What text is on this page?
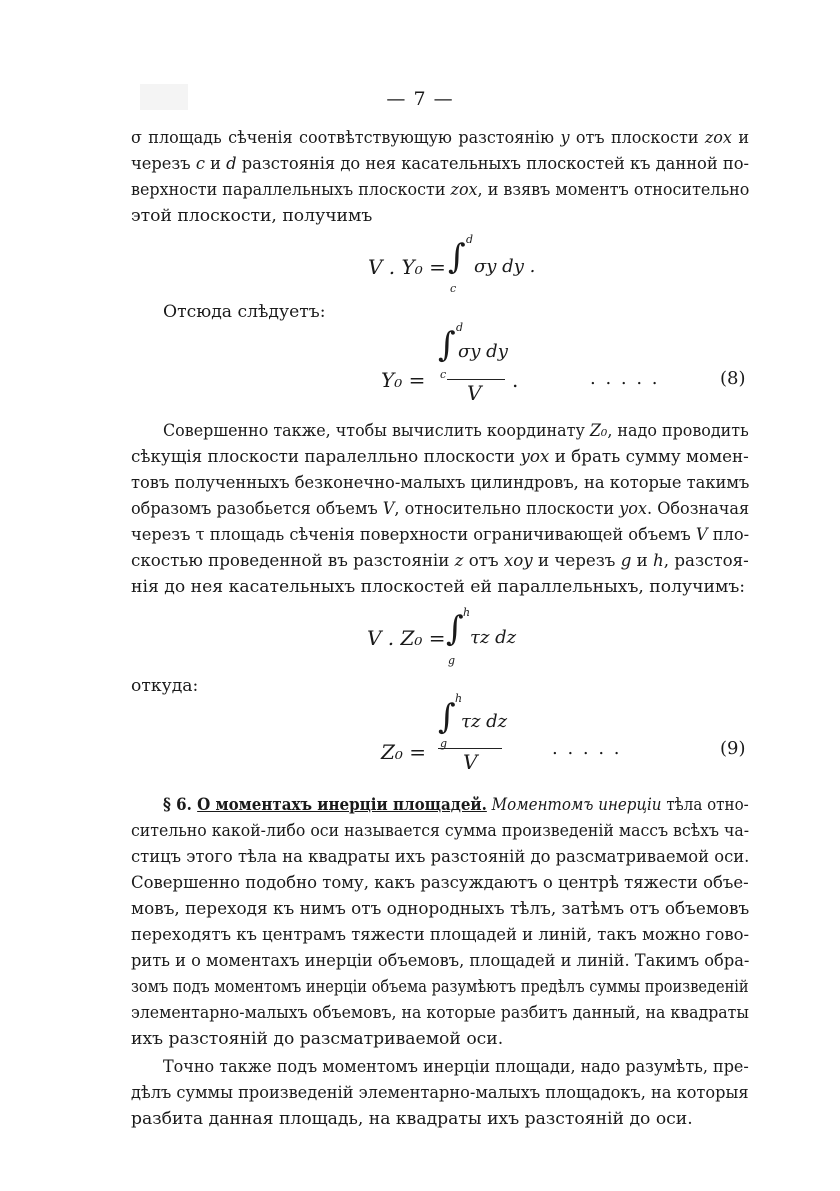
— 7 —
σ площадь сѣченія соотвѣтствующую разстоянію y отъ плоскости zox и
черезъ c и d разстоянія до нея касательныхъ плоскостей къ данной по-
верхности параллельныхъ плоскости zox, и взявъ моментъ относительно
этой плоскости, получимъ
V . Y₀ = ∫ d
c
σy dy .
Отсюда слѣдуетъ:
d
∫ σy dy
Y₀ = c
V
.	. . . . .	(8)
Совершенно также, чтобы вычислить координату Z₀, надо проводить
сѣкущія плоскости паралелльно плоскости yox и брать сумму момен-
товъ полученныхъ безконечно-малыхъ цилиндровъ, на которые такимъ
образомъ разобьется объемъ V, относительно плоскости yox. Обозначая
черезъ τ площадь сѣченія поверхности ограничивающей объемъ V пло-
скостью проведенной въ разстояніи z отъ xoy и черезъ g и h, разстоя-
нія до нея касательныхъ плоскостей ей параллельныхъ, получимъ:
h
∫
V . Z₀ = τz dz
g
откуда:
h
∫ τz dz
Z₀ = g
V
. . . . .	(9)
§ 6. О моментахъ инерціи площадей. Моментомъ инерціи тѣла отно-
сительно какой-либо оси называется сумма произведеній массъ всѣхъ ча-
стицъ этого тѣла на квадраты ихъ разстояній до разсматриваемой оси.
Совершенно подобно тому, какъ разсуждаютъ о центрѣ тяжести объе-
мовъ, переходя къ нимъ отъ однородныхъ тѣлъ, затѣмъ отъ объемовъ
переходятъ къ центрамъ тяжести площадей и линій, такъ можно гово-
рить и о моментахъ инерціи объемовъ, площадей и линій. Такимъ обра-
зомъ подъ моментомъ инерціи объема разумѣютъ предѣлъ суммы произведеній
элементарно-малыхъ объемовъ, на которые разбитъ данный, на квадраты
ихъ разстояній до разсматриваемой оси.
Точно также подъ моментомъ инерціи площади, надо разумѣть, пре-
дѣлъ суммы произведеній элементарно-малыхъ площадокъ, на которыя
разбита данная площадь, на квадраты ихъ разстояній до оси.
